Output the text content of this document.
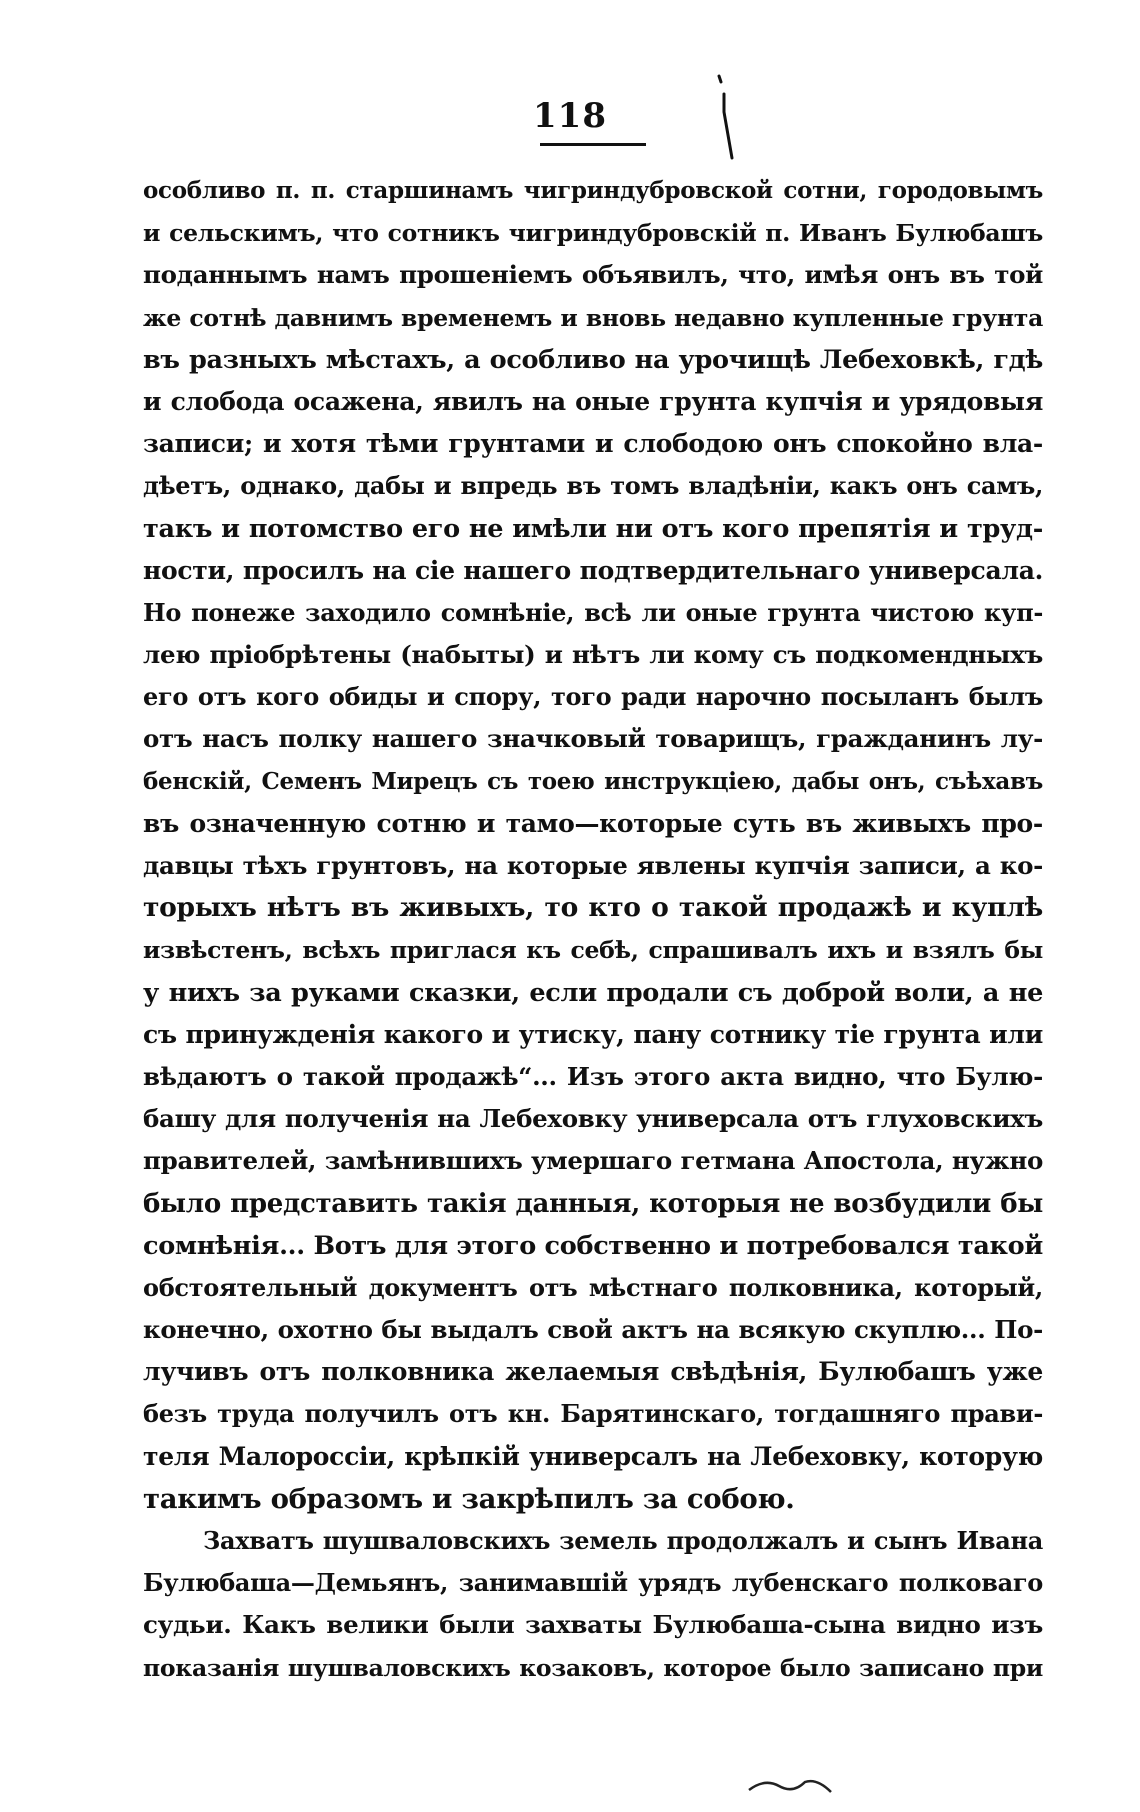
118
особливо п. п. старшинамъ чигриндубровской сотни, городовымъ
и сельскимъ, что сотникъ чигриндубровскій п. Иванъ Булюбашъ
поданнымъ намъ прошеніемъ объявилъ, что, имѣя онъ въ той
же сотнѣ давнимъ временемъ и вновь недавно купленные грунта
въ разныхъ мѣстахъ, а особливо на урочищѣ Лебеховкѣ, гдѣ
и слобода осажена, явилъ на оные грунта купчія и урядовыя
записи; и хотя тѣми грунтами и слободою онъ спокойно вла-
дѣетъ, однако, дабы и впредь въ томъ владѣніи, какъ онъ самъ,
такъ и потомство его не имѣли ни отъ кого препятія и труд-
ности, просилъ на сіе нашего подтвердительнаго универсала.
Но понеже заходило сомнѣніе, всѣ ли оные грунта чистою куп-
лею пріобрѣтены (набыты) и нѣтъ ли кому съ подкомендныхъ
его отъ кого обиды и спору, того ради нарочно посыланъ былъ
отъ насъ полку нашего значковый товарищъ, гражданинъ лу-
бенскій, Семенъ Мирецъ съ тоею инструкціею, дабы онъ, съѣхавъ
въ означенную сотню и тамо—которые суть въ живыхъ про-
давцы тѣхъ грунтовъ, на которые явлены купчія записи, а ко-
торыхъ нѣтъ въ живыхъ, то кто о такой продажѣ и куплѣ
извѣстенъ, всѣхъ приглася къ себѣ, спрашивалъ ихъ и взялъ бы
у нихъ за руками сказки, если продали съ доброй воли, а не
съ принужденія какого и утиску, пану сотнику тіе грунта или
вѣдаютъ о такой продажѣ“... Изъ этого акта видно, что Булю-
башу для полученія на Лебеховку универсала отъ глуховскихъ
правителей, замѣнившихъ умершаго гетмана Апостола, нужно
было представить такія данныя, которыя не возбудили бы
сомнѣнія... Вотъ для этого собственно и потребовался такой
обстоятельный документъ отъ мѣстнаго полковника, который,
конечно, охотно бы выдалъ свой актъ на всякую скуплю... По-
лучивъ отъ полковника желаемыя свѣдѣнія, Булюбашъ уже
безъ труда получилъ отъ кн. Барятинскаго, тогдашняго прави-
теля Малороссіи, крѣпкій универсалъ на Лебеховку, которую
такимъ образомъ и закрѣпилъ за собою.
Захватъ шушваловскихъ земель продолжалъ и сынъ Ивана
Булюбаша—Демьянъ, занимавшій урядъ лубенскаго полковаго
судьи. Какъ велики были захваты Булюбаша-сына видно изъ
показанія шушваловскихъ козаковъ, которое было записано при
